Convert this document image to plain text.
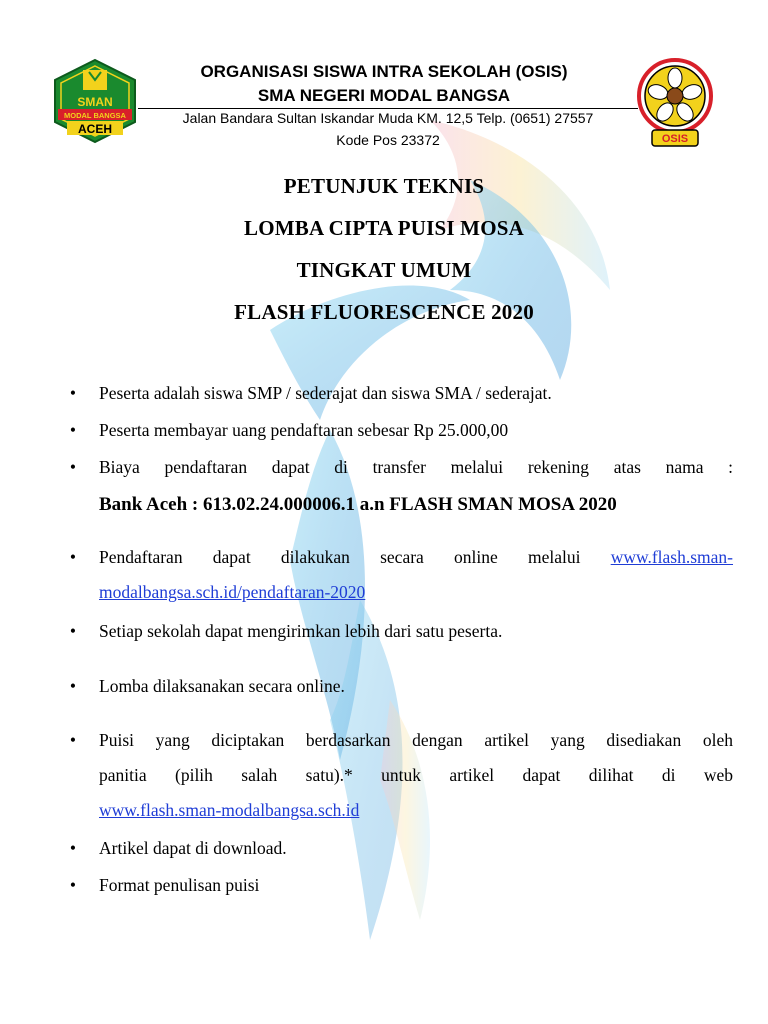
SMAN
MODAL BANGSA
ACEH
OSIS
ORGANISASI SISWA INTRA SEKOLAH (OSIS)
SMA NEGERI MODAL BANGSA
Jalan Bandara Sultan Iskandar Muda KM. 12,5 Telp. (0651) 27557
Kode Pos 23372
PETUNJUK TEKNIS
LOMBA CIPTA PUISI MOSA
TINGKAT UMUM
FLASH FLUORESCENCE 2020
•	Peserta adalah siswa SMP / sederajat dan siswa SMA / sederajat.
•	Peserta membayar uang pendaftaran sebesar Rp 25.000,00
•	Biaya pendaftaran dapat di transfer melalui rekening atas nama :
Bank Aceh : 613.02.24.000006.1 a.n FLASH SMAN MOSA 2020
•	Pendaftaran dapat dilakukan secara online melalui www.flash.sman-
modalbangsa.sch.id/pendaftaran-2020
•	Setiap sekolah dapat mengirimkan lebih dari satu peserta.
•	Lomba dilaksanakan secara online.
•	Puisi yang diciptakan berdasarkan dengan artikel yang disediakan oleh
panitia (pilih salah satu).* untuk artikel dapat dilihat di web
www.flash.sman-modalbangsa.sch.id
•	Artikel dapat di download.
•	Format penulisan puisi
